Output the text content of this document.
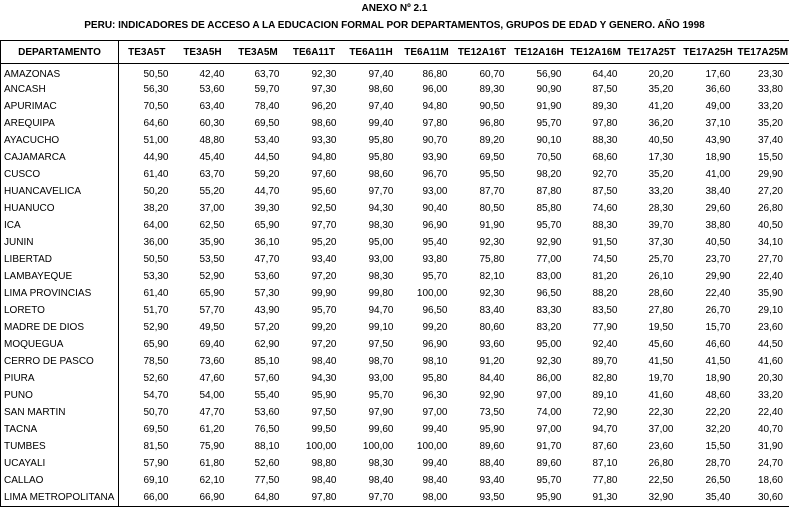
ANEXO Nº 2.1
PERU: INDICADORES DE ACCESO A LA EDUCACION FORMAL POR DEPARTAMENTOS, GRUPOS DE EDAD Y GENERO. AÑO 1998
DEPARTAMENTO	TE3A5T	TE3A5H	TE3A5M	TE6A11T	TE6A11H	TE6A11M	TE12A16T	TE12A16H	TE12A16M	TE17A25T	TE17A25H	TE17A25M
AMAZONAS	50,50	42,40	63,70	92,30	97,40	86,80	60,70	56,90	64,40	20,20	17,60	23,30
ANCASH	56,30	53,60	59,70	97,30	98,60	96,00	89,30	90,90	87,50	35,20	36,60	33,80
APURIMAC	70,50	63,40	78,40	96,20	97,40	94,80	90,50	91,90	89,30	41,20	49,00	33,20
AREQUIPA	64,60	60,30	69,50	98,60	99,40	97,80	96,80	95,70	97,80	36,20	37,10	35,20
AYACUCHO	51,00	48,80	53,40	93,30	95,80	90,70	89,20	90,10	88,30	40,50	43,90	37,40
CAJAMARCA	44,90	45,40	44,50	94,80	95,80	93,90	69,50	70,50	68,60	17,30	18,90	15,50
CUSCO	61,40	63,70	59,20	97,60	98,60	96,70	95,50	98,20	92,70	35,20	41,00	29,90
HUANCAVELICA	50,20	55,20	44,70	95,60	97,70	93,00	87,70	87,80	87,50	33,20	38,40	27,20
HUANUCO	38,20	37,00	39,30	92,50	94,30	90,40	80,50	85,80	74,60	28,30	29,60	26,80
ICA	64,00	62,50	65,90	97,70	98,30	96,90	91,90	95,70	88,30	39,70	38,80	40,50
JUNIN	36,00	35,90	36,10	95,20	95,00	95,40	92,30	92,90	91,50	37,30	40,50	34,10
LIBERTAD	50,50	53,50	47,70	93,40	93,00	93,80	75,80	77,00	74,50	25,70	23,70	27,70
LAMBAYEQUE	53,30	52,90	53,60	97,20	98,30	95,70	82,10	83,00	81,20	26,10	29,90	22,40
LIMA PROVINCIAS	61,40	65,90	57,30	99,90	99,80	100,00	92,30	96,50	88,20	28,60	22,40	35,90
LORETO	51,70	57,70	43,90	95,70	94,70	96,50	83,40	83,30	83,50	27,80	26,70	29,10
MADRE DE DIOS	52,90	49,50	57,20	99,20	99,10	99,20	80,60	83,20	77,90	19,50	15,70	23,60
MOQUEGUA	65,90	69,40	62,90	97,20	97,50	96,90	93,60	95,00	92,40	45,60	46,60	44,50
CERRO DE PASCO	78,50	73,60	85,10	98,40	98,70	98,10	91,20	92,30	89,70	41,50	41,50	41,60
PIURA	52,60	47,60	57,60	94,30	93,00	95,80	84,40	86,00	82,80	19,70	18,90	20,30
PUNO	54,70	54,00	55,40	95,90	95,70	96,30	92,90	97,00	89,10	41,60	48,60	33,20
SAN MARTIN	50,70	47,70	53,60	97,50	97,90	97,00	73,50	74,00	72,90	22,30	22,20	22,40
TACNA	69,50	61,20	76,50	99,50	99,60	99,40	95,90	97,00	94,70	37,00	32,20	40,70
TUMBES	81,50	75,90	88,10	100,00	100,00	100,00	89,60	91,70	87,60	23,60	15,50	31,90
UCAYALI	57,90	61,80	52,60	98,80	98,30	99,40	88,40	89,60	87,10	26,80	28,70	24,70
CALLAO	69,10	62,10	77,50	98,40	98,40	98,40	93,40	95,70	77,80	22,50	26,50	18,60
LIMA METROPOLITANA	66,00	66,90	64,80	97,80	97,70	98,00	93,50	95,90	91,30	32,90	35,40	30,60
